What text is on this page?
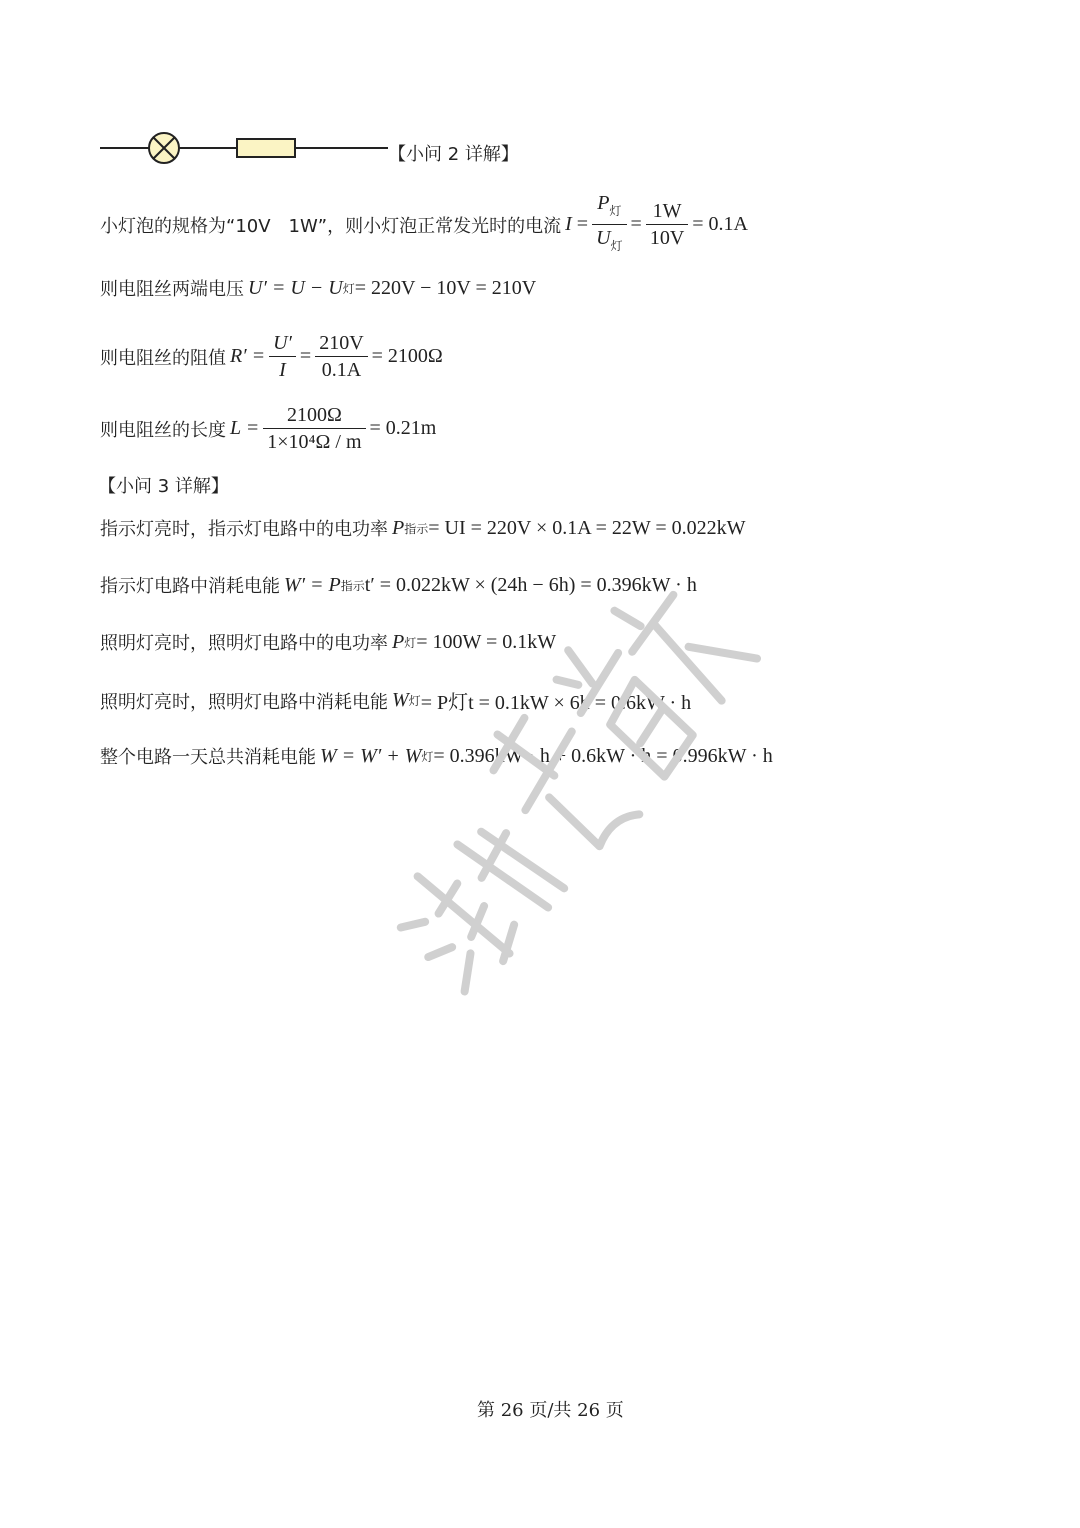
【小问 2 详解】
小灯泡的规格为“10V　1W”，则小灯泡正常发光时的电流 $I = \frac{P_灯}{U_灯} = \frac{1W}{10V} = 0.1A$
则电阻丝两端电压 U′ = U − U 灯 = 220V − 10V = 210V
则电阻丝的阻值 $R' = \frac{U'}{I} = \frac{210V}{0.1A} = 2100\Omega$
则电阻丝的长度 $L = \frac{2100\Omega}{\text{1×10⁴Ω / m}} = 0.21m$
【小问 3 详解】
指示灯亮时，指示灯电路中的电功率 P 指示 = UI = 220V × 0.1A = 22W = 0.022kW
指示灯电路中消耗电能 W′ = P 指示 t′ = 0.022kW × (24h − 6h) = 0.396kW · h
照明灯亮时，照明灯电路中的电功率 P 灯 = 100W = 0.1kW
照明灯亮时，照明灯电路中消耗电能 W 灯 = P灯t = 0.1kW × 6h = 0.6kW · h
整个电路一天总共消耗电能 W = W′ + W 灯 = 0.396kW · h + 0.6kW · h = 0.996kW · h
第 26 页/共 26 页
